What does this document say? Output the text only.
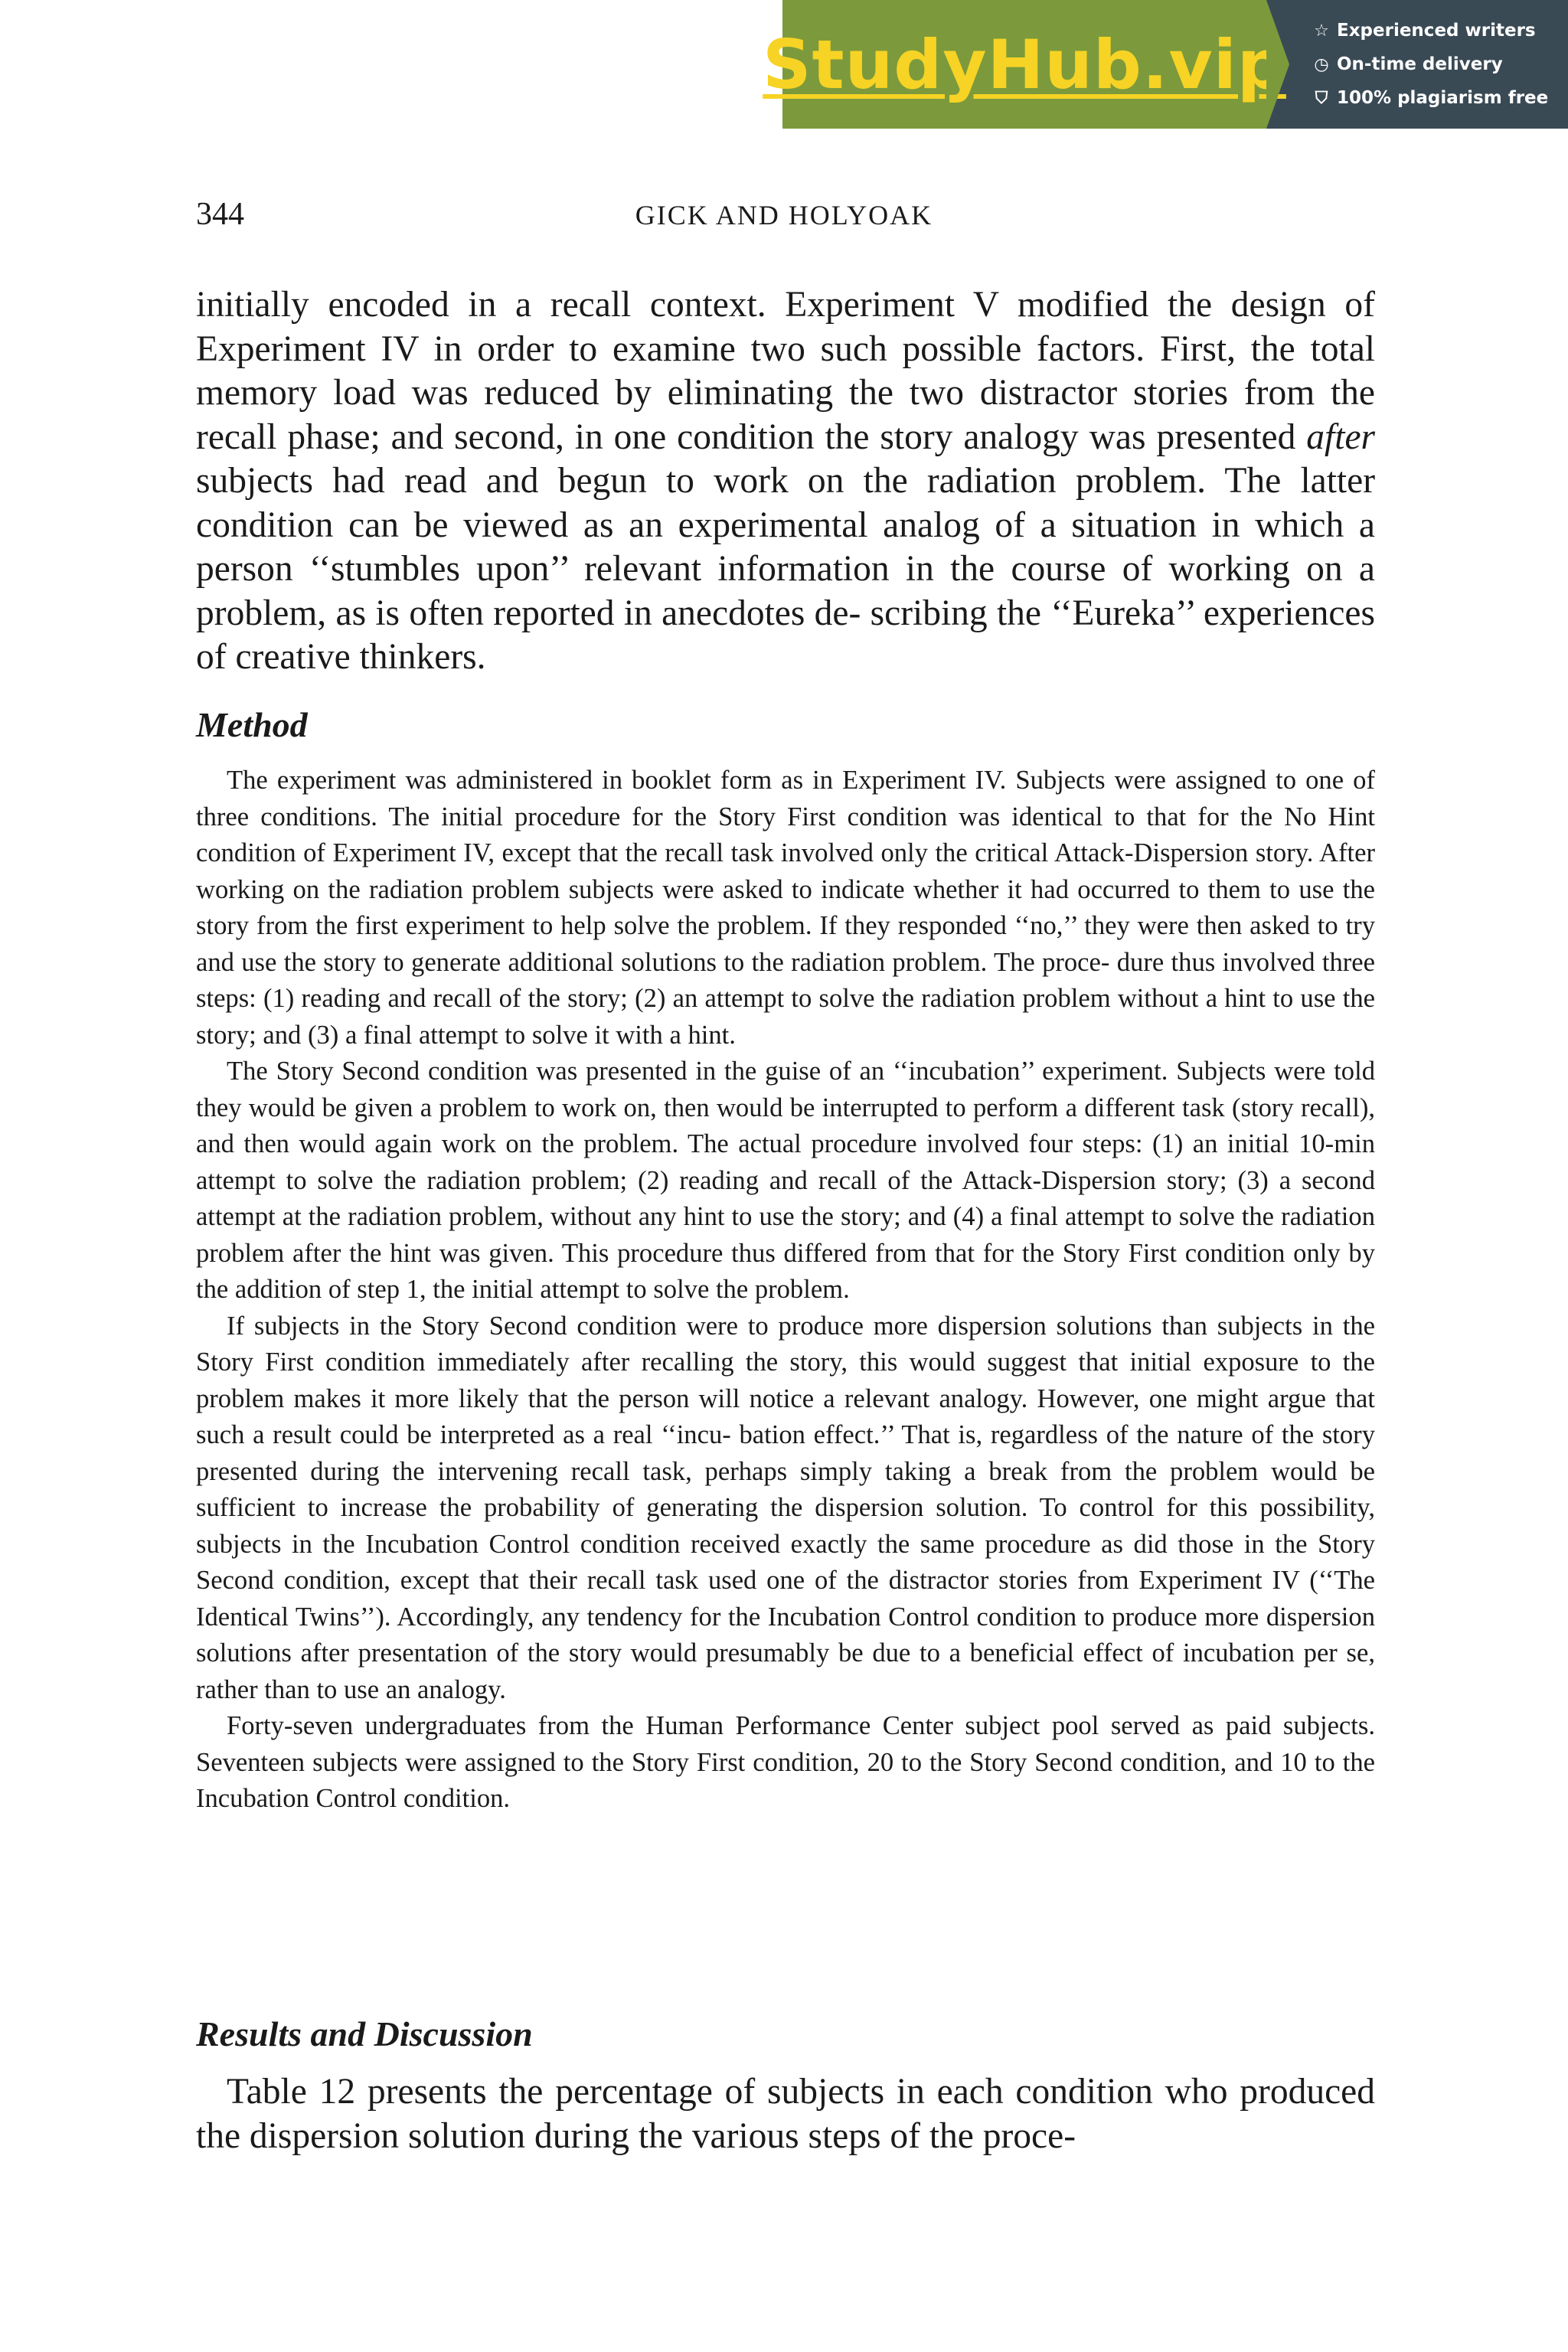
StudyHub.vip ☆ Experienced writers
◷ On-time delivery
⛉ 100% plagiarism free
344	GICK AND HOLYOAK

initially encoded in a recall context. Experiment V modified the design of Experiment IV in order to examine two such possible factors. First, the total memory load was reduced by eliminating the two distractor stories from the recall phase; and second, in one condition the story analogy was presented after subjects had read and begun to work on the radiation problem. The latter condition can be viewed as an experimental analog of a situation in which a person ‘‘stumbles upon’’ relevant information in the course of working on a problem, as is often reported in anecdotes de- scribing the ‘‘Eureka’’ experiences of creative thinkers.

Method

The experiment was administered in booklet form as in Experiment IV. Subjects were assigned to one of three conditions. The initial procedure for the Story First condition was identical to that for the No Hint condition of Experiment IV, except that the recall task involved only the critical Attack-Dispersion story. After working on the radiation problem subjects were asked to indicate whether it had occurred to them to use the story from the first experiment to help solve the problem. If they responded ‘‘no,’’ they were then asked to try and use the story to generate additional solutions to the radiation problem. The proce- dure thus involved three steps: (1) reading and recall of the story; (2) an attempt to solve the radiation problem without a hint to use the story; and (3) a final attempt to solve it with a hint.

The Story Second condition was presented in the guise of an ‘‘incubation’’ experiment. Subjects were told they would be given a problem to work on, then would be interrupted to perform a different task (story recall), and then would again work on the problem. The actual procedure involved four steps: (1) an initial 10-min attempt to solve the radiation problem; (2) reading and recall of the Attack-Dispersion story; (3) a second attempt at the radiation problem, without any hint to use the story; and (4) a final attempt to solve the radiation problem after the hint was given. This procedure thus differed from that for the Story First condition only by the addition of step 1, the initial attempt to solve the problem.

If subjects in the Story Second condition were to produce more dispersion solutions than subjects in the Story First condition immediately after recalling the story, this would suggest that initial exposure to the problem makes it more likely that the person will notice a relevant analogy. However, one might argue that such a result could be interpreted as a real ‘‘incu- bation effect.’’ That is, regardless of the nature of the story presented during the intervening recall task, perhaps simply taking a break from the problem would be sufficient to increase the probability of generating the dispersion solution. To control for this possibility, subjects in the Incubation Control condition received exactly the same procedure as did those in the Story Second condition, except that their recall task used one of the distractor stories from Experiment IV (‘‘The Identical Twins’’). Accordingly, any tendency for the Incubation Control condition to produce more dispersion solutions after presentation of the story would presumably be due to a beneficial effect of incubation per se, rather than to use an analogy.

Forty-seven undergraduates from the Human Performance Center subject pool served as paid subjects. Seventeen subjects were assigned to the Story First condition, 20 to the Story Second condition, and 10 to the Incubation Control condition.

Results and Discussion

Table 12 presents the percentage of subjects in each condition who produced the dispersion solution during the various steps of the proce-
